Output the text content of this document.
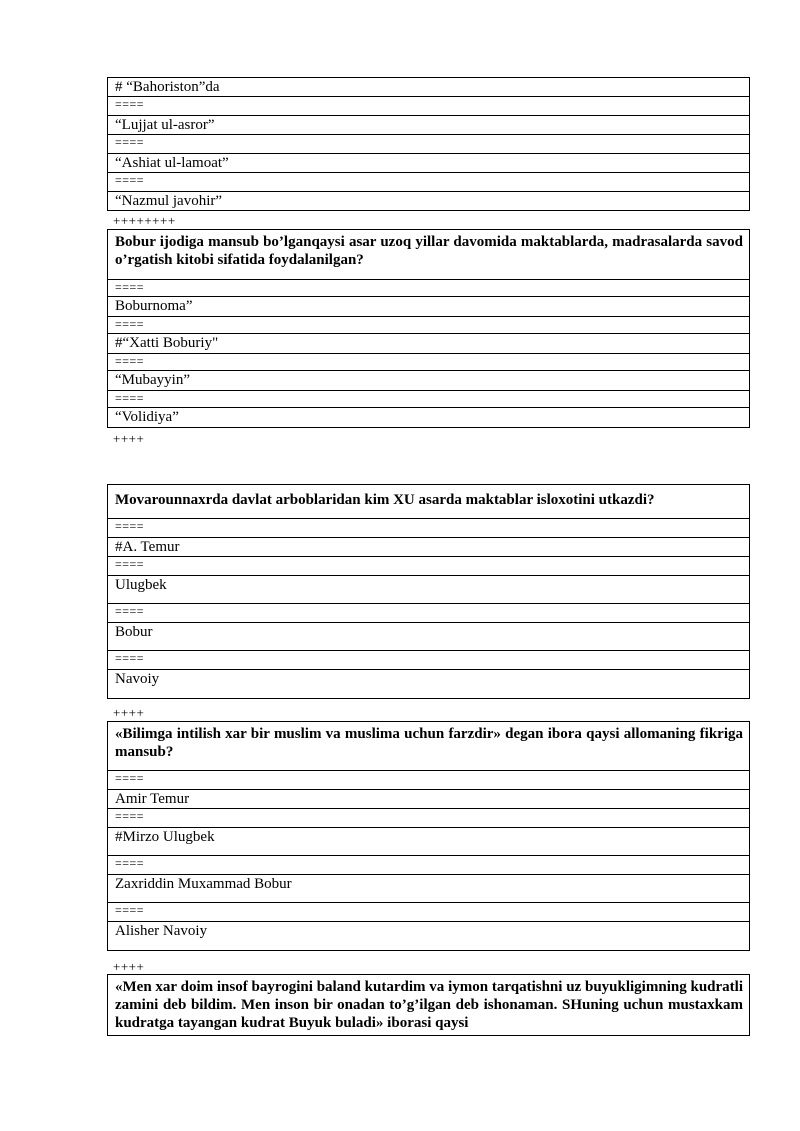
# “Bahoriston”da
====
“Lujjat ul-asror”
====
“Ashiat ul-lamoat”
====
“Nazmul javohir”
++++++++
Bobur ijodiga mansub bo’lganqaysi asar uzoq yillar davomida maktablarda, madrasalarda savod o’rgatish kitobi sifatida foydalanilgan?
====
Boburnoma”
====
#“Xatti Boburiy"
====
“Mubayyin”
====
“Volidiya”
++++
Movarounnaxrda davlat arboblaridan kim XU asarda maktablar isloxotini utkazdi?
====
#A. Temur
====
Ulugbek
====
Bobur
====
Navoiy
++++
«Bilimga intilish xar bir muslim va muslima uchun farzdir» degan ibora qaysi allomaning fikriga mansub?
====
Amir Temur
====
#Mirzo Ulugbek
====
Zaxriddin Muxammad Bobur
====
Alisher Navoiy
++++
«Men xar doim insof bayrogini baland kutardim va iymon tarqatishni uz buyukligimning kudratli zamini deb bildim. Men inson bir onadan to’g’ilgan deb ishonaman. SHuning uchun mustaxkam kudratga tayangan kudrat Buyuk buladi» iborasi qaysi
